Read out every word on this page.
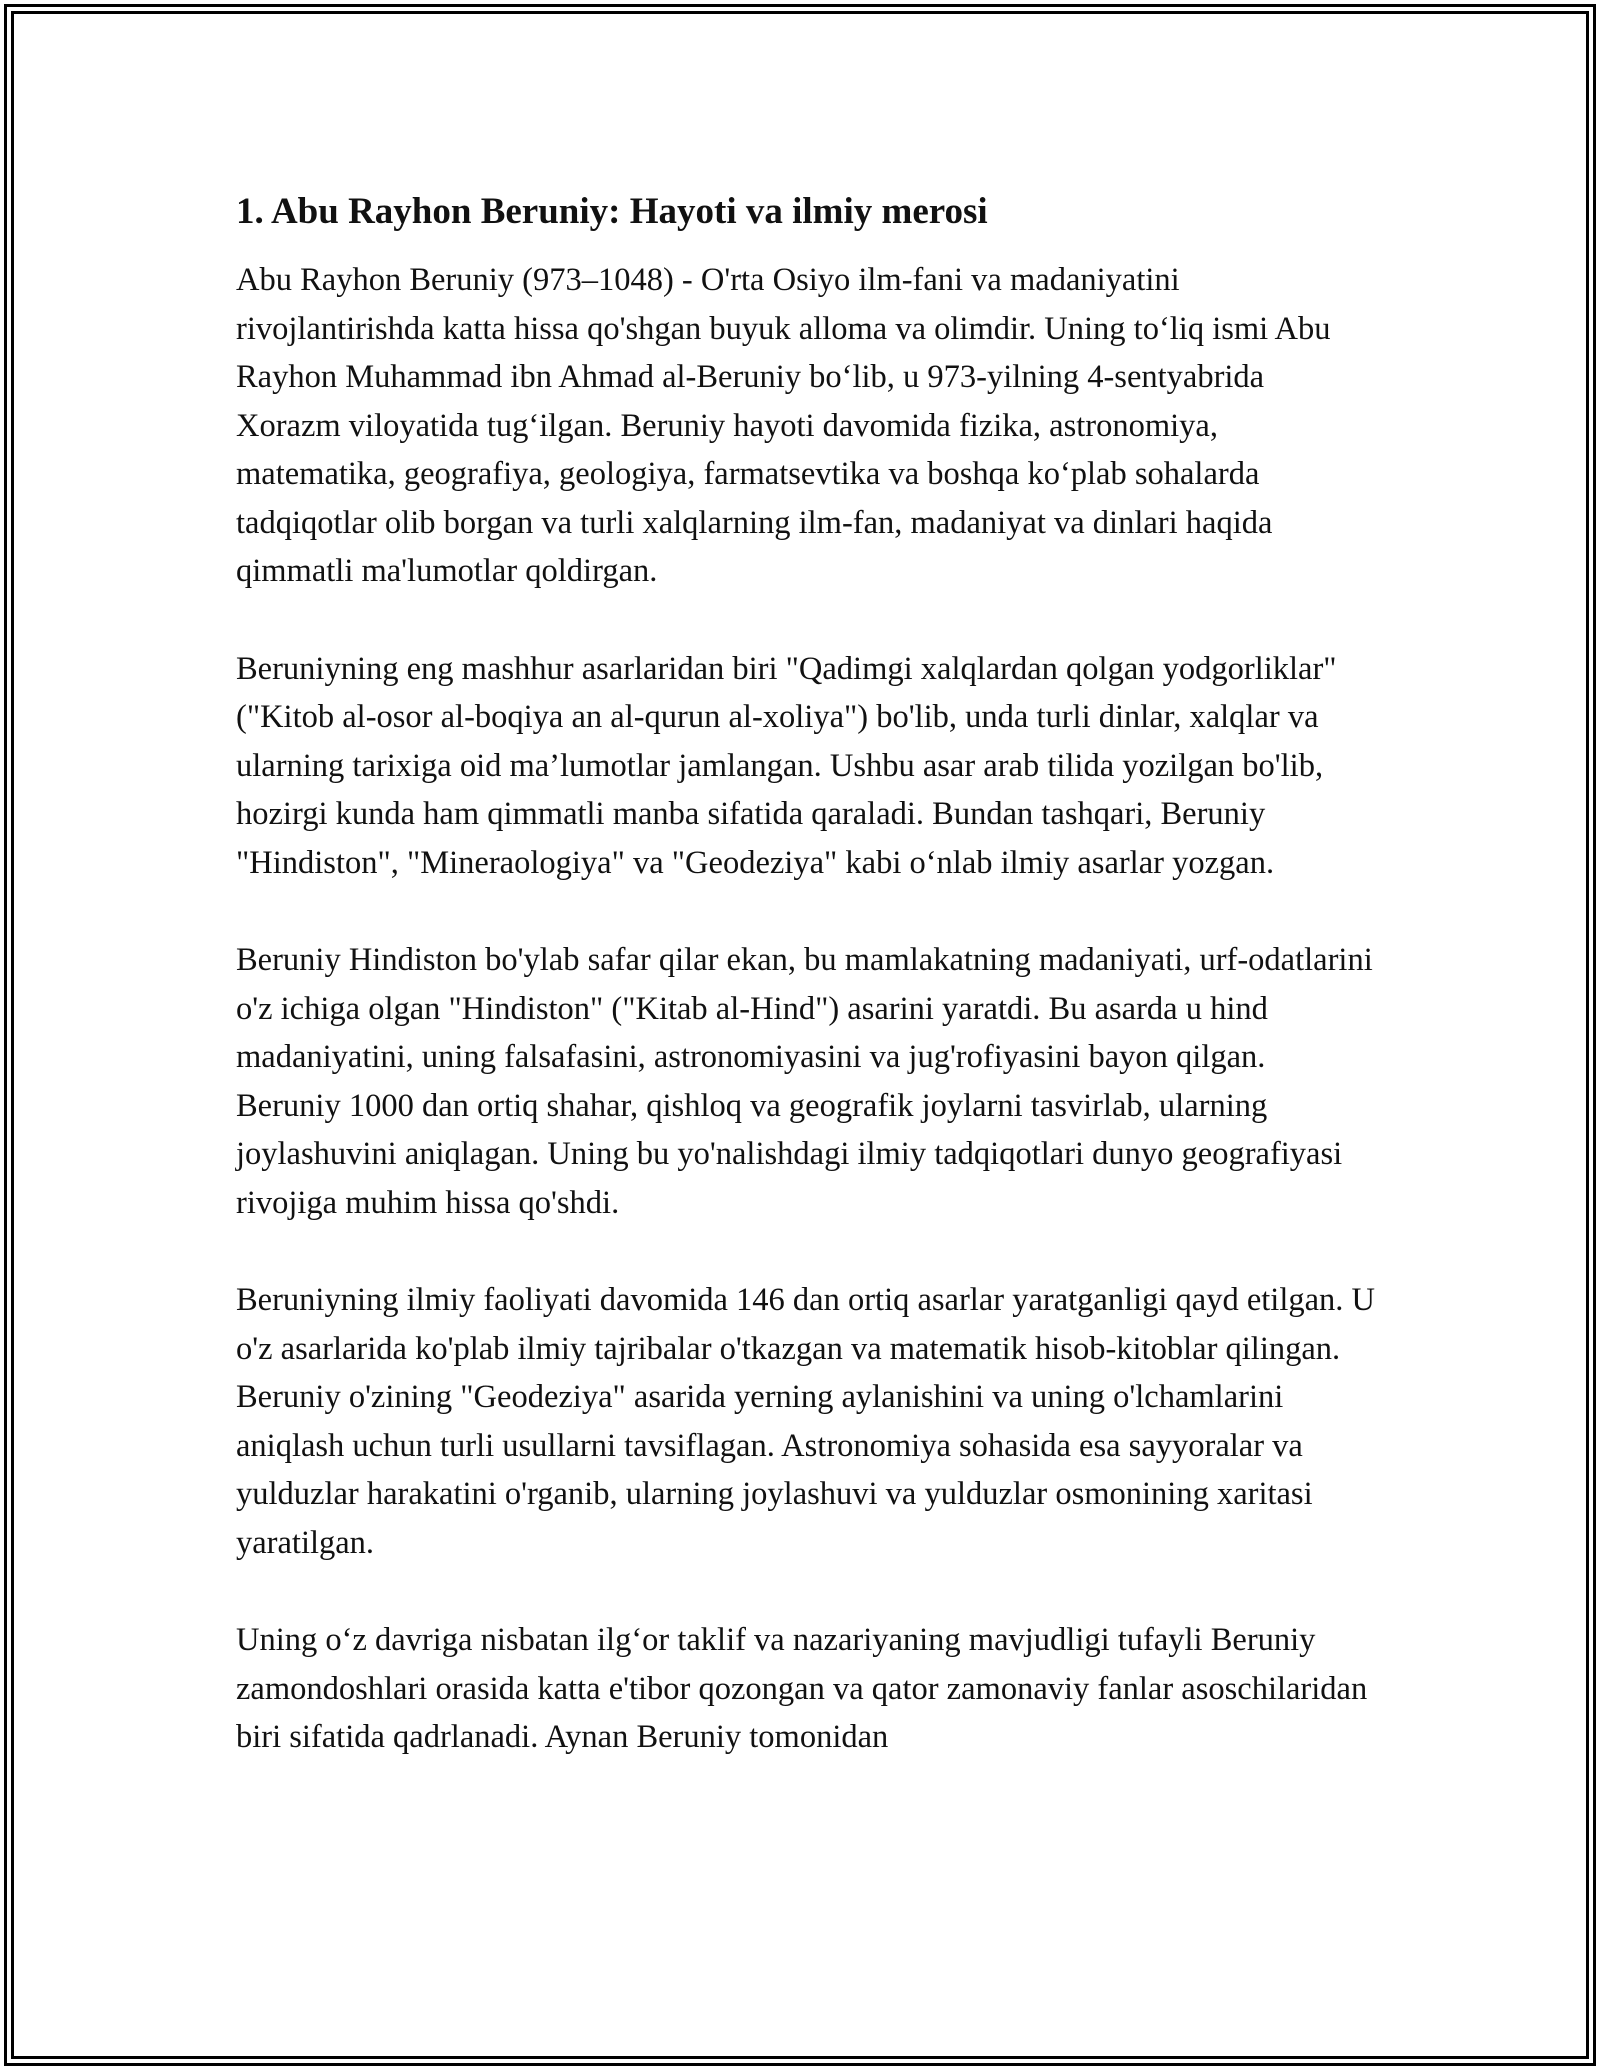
1. Abu Rayhon Beruniy: Hayoti va ilmiy merosi

Abu Rayhon Beruniy (973–1048) - O'rta Osiyo ilm-fani va madaniyatini rivojlantirishda katta hissa qo'shgan buyuk alloma va olimdir. Uning to‘liq ismi Abu Rayhon Muhammad ibn Ahmad al-Beruniy bo‘lib, u 973-yilning 4-sentyabrida Xorazm viloyatida tug‘ilgan. Beruniy hayoti davomida fizika, astronomiya, matematika, geografiya, geologiya, farmatsevtika va boshqa ko‘plab sohalarda tadqiqotlar olib borgan va turli xalqlarning ilm-fan, madaniyat va dinlari haqida qimmatli ma'lumotlar qoldirgan.

Beruniyning eng mashhur asarlaridan biri "Qadimgi xalqlardan qolgan yodgorliklar" ("Kitob al-osor al-boqiya an al-qurun al-xoliya") bo'lib, unda turli dinlar, xalqlar va ularning tarixiga oid ma’lumotlar jamlangan. Ushbu asar arab tilida yozilgan bo'lib, hozirgi kunda ham qimmatli manba sifatida qaraladi. Bundan tashqari, Beruniy "Hindiston", "Mineraologiya" va "Geodeziya" kabi o‘nlab ilmiy asarlar yozgan.

Beruniy Hindiston bo'ylab safar qilar ekan, bu mamlakatning madaniyati, urf-odatlarini o'z ichiga olgan "Hindiston" ("Kitab al-Hind") asarini yaratdi. Bu asarda u hind madaniyatini, uning falsafasini, astronomiyasini va jug'rofiyasini bayon qilgan. Beruniy 1000 dan ortiq shahar, qishloq va geografik joylarni tasvirlab, ularning joylashuvini aniqlagan. Uning bu yo'nalishdagi ilmiy tadqiqotlari dunyo geografiyasi rivojiga muhim hissa qo'shdi.

Beruniyning ilmiy faoliyati davomida 146 dan ortiq asarlar yaratganligi qayd etilgan. U o'z asarlarida ko'plab ilmiy tajribalar o'tkazgan va matematik hisob-kitoblar qilingan. Beruniy o'zining "Geodeziya" asarida yerning aylanishini va uning o'lchamlarini aniqlash uchun turli usullarni tavsiflagan. Astronomiya sohasida esa sayyoralar va yulduzlar harakatini o'rganib, ularning joylashuvi va yulduzlar osmonining xaritasi yaratilgan.

Uning o‘z davriga nisbatan ilg‘or taklif va nazariyaning mavjudligi tufayli Beruniy zamondoshlari orasida katta e'tibor qozongan va qator zamonaviy fanlar asoschilaridan biri sifatida qadrlanadi. Aynan Beruniy tomonidan
